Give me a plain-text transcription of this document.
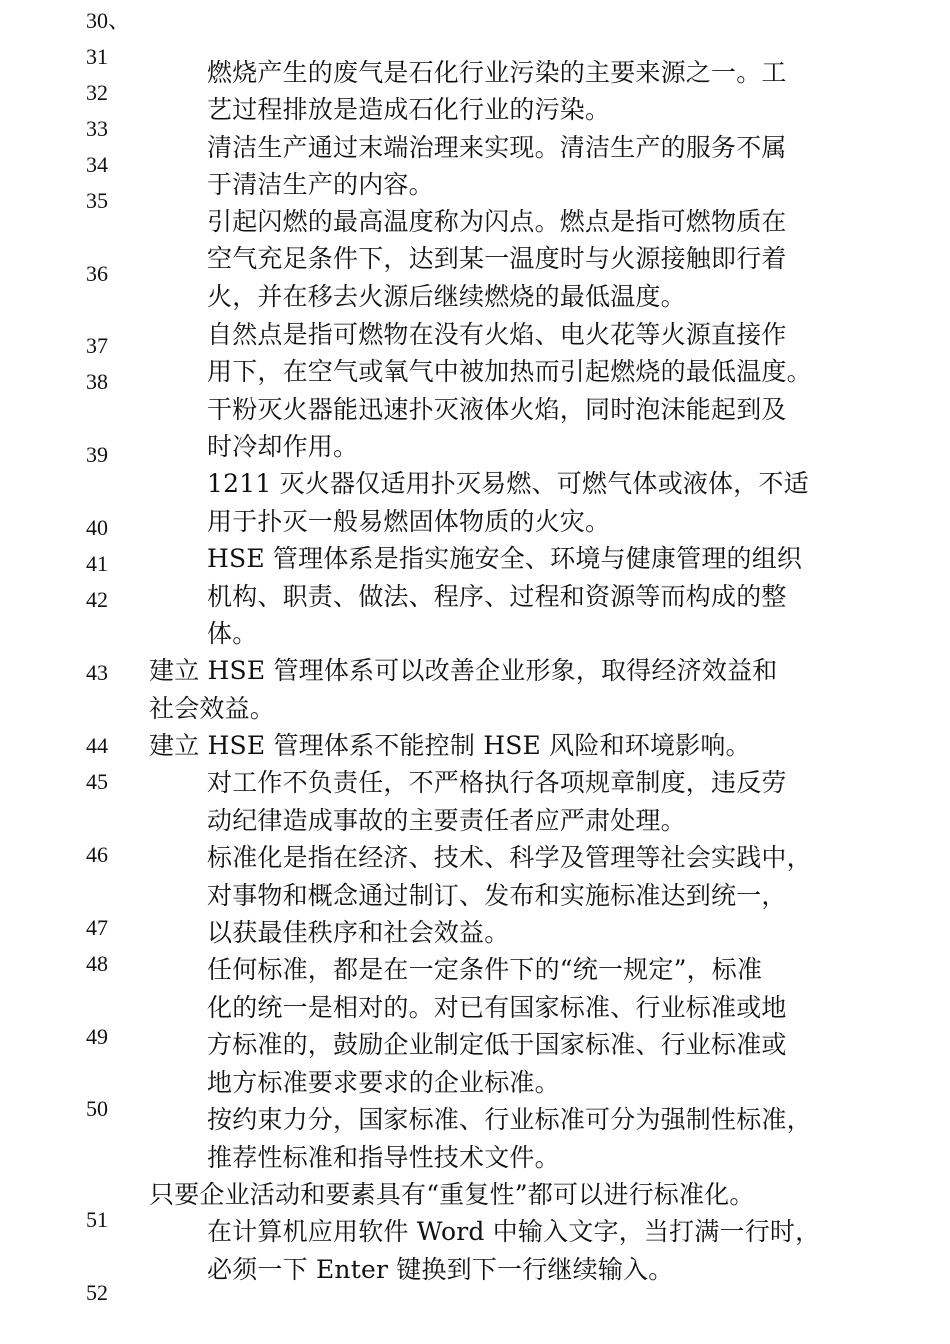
30、
31
32
33
34
35
36
37
38
39
40
41
42
43
44
45
46
47
48
49
50
51
52
燃烧产生的废气是石化行业污染的主要来源之一。工
艺过程排放是造成石化行业的污染。
清洁生产通过末端治理来实现。清洁生产的服务不属
于清洁生产的内容。
引起闪燃的最高温度称为闪点。燃点是指可燃物质在
空气充足条件下，达到某一温度时与火源接触即行着
火，并在移去火源后继续燃烧的最低温度。
自然点是指可燃物在没有火焰、电火花等火源直接作
用下，在空气或氧气中被加热而引起燃烧的最低温度。
干粉灭火器能迅速扑灭液体火焰，同时泡沫能起到及
时冷却作用。
1211 灭火器仅适用扑灭易燃、可燃气体或液体，不适
用于扑灭一般易燃固体物质的火灾。
HSE 管理体系是指实施安全、环境与健康管理的组织
机构、职责、做法、程序、过程和资源等而构成的整
体。
建立 HSE 管理体系可以改善企业形象，取得经济效益和
社会效益。
建立 HSE 管理体系不能控制 HSE 风险和环境影响。
对工作不负责任，不严格执行各项规章制度，违反劳
动纪律造成事故的主要责任者应严肃处理。
标准化是指在经济、技术、科学及管理等社会实践中，
对事物和概念通过制订、发布和实施标准达到统一，
以获最佳秩序和社会效益。
任何标准，都是在一定条件下的“统一规定”，标准
化的统一是相对的。对已有国家标准、行业标准或地
方标准的，鼓励企业制定低于国家标准、行业标准或
地方标准要求要求的企业标准。
按约束力分，国家标准、行业标准可分为强制性标准，
推荐性标准和指导性技术文件。
只要企业活动和要素具有“重复性”都可以进行标准化。
在计算机应用软件 Word 中输入文字，当打满一行时，
必须一下 Enter 键换到下一行继续输入。
